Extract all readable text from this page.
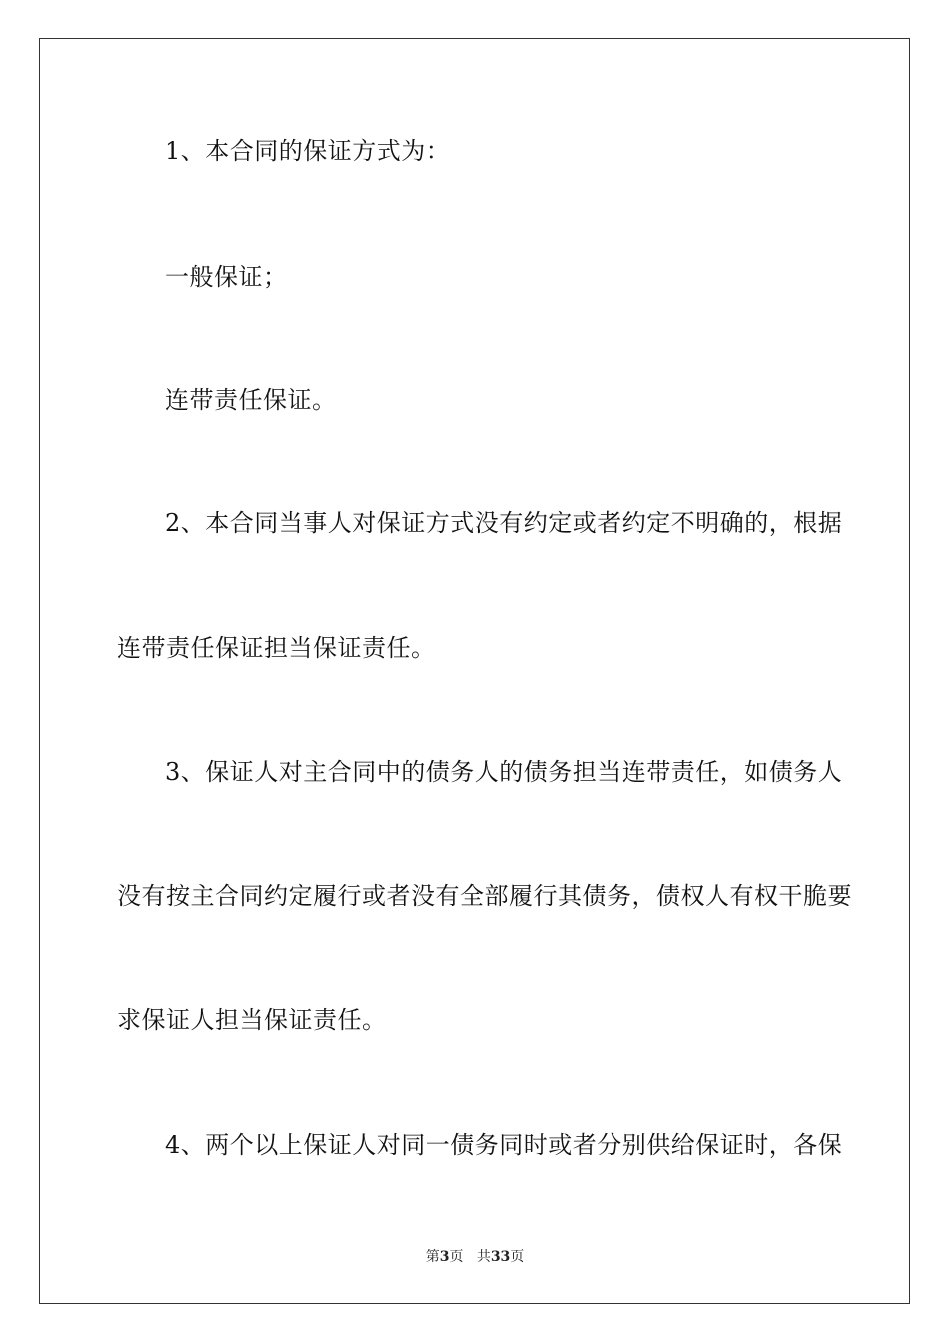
1、本合同的保证方式为：
一般保证；
连带责任保证。
2、本合同当事人对保证方式没有约定或者约定不明确的，根据
连带责任保证担当保证责任。
3、保证人对主合同中的债务人的债务担当连带责任，如债务人
没有按主合同约定履行或者没有全部履行其债务，债权人有权干脆要
求保证人担当保证责任。
4、两个以上保证人对同一债务同时或者分别供给保证时，各保
第3页 共33页
